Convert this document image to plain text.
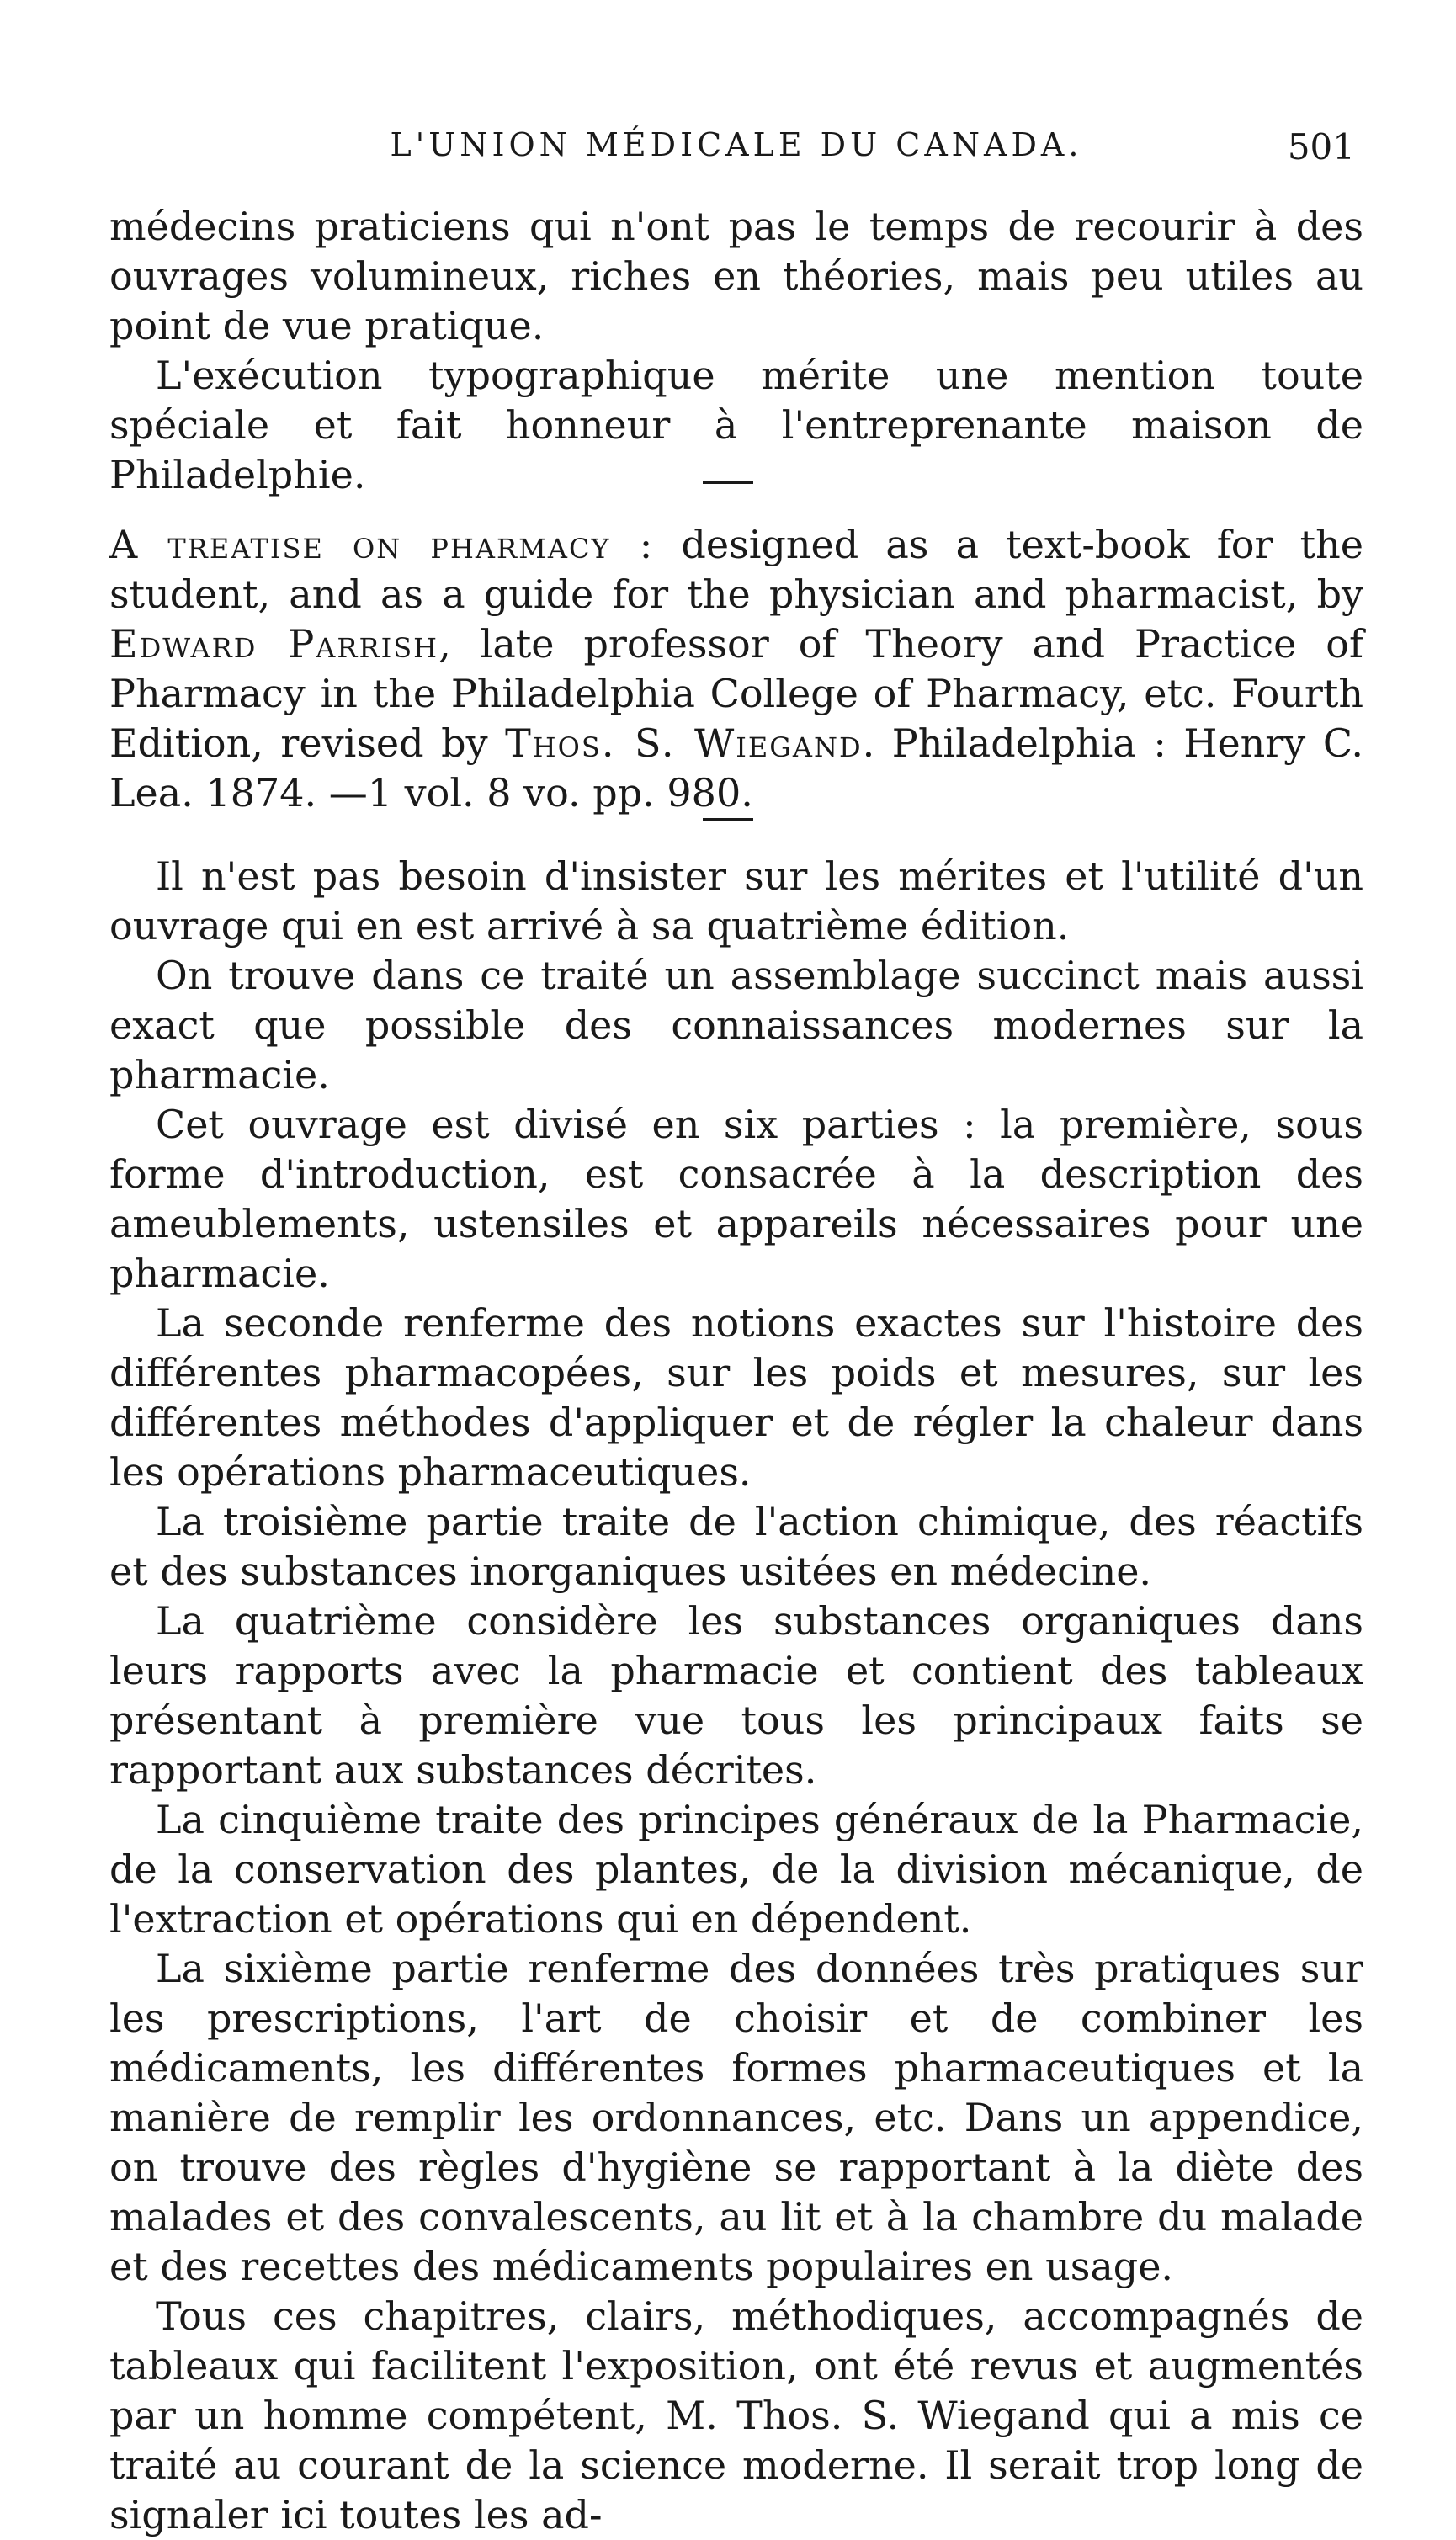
L'UNION MÉDICALE DU CANADA.	501

médecins praticiens qui n'ont pas le temps de recourir à des ouvrages volumineux, riches en théories, mais peu utiles au point de vue pratique.

L'exécution typographique mérite une mention toute spéciale et fait honneur à l'entreprenante maison de Philadelphie.

A treatise on pharmacy : designed as a text-book for the student, and as a guide for the physician and pharmacist, by Edward Parrish, late professor of Theory and Practice of Pharmacy in the Philadelphia College of Pharmacy, etc. Fourth Edition, revised by Thos. S. Wiegand. Philadelphia : Henry C. Lea. 1874. —1 vol. 8 vo. pp. 980.

Il n'est pas besoin d'insister sur les mérites et l'utilité d'un ouvrage qui en est arrivé à sa quatrième édition.

On trouve dans ce traité un assemblage succinct mais aussi exact que possible des connaissances modernes sur la pharmacie.

Cet ouvrage est divisé en six parties : la première, sous forme d'introduction, est consacrée à la description des ameublements, ustensiles et appareils nécessaires pour une pharmacie.

La seconde renferme des notions exactes sur l'histoire des différentes pharmacopées, sur les poids et mesures, sur les différentes méthodes d'appliquer et de régler la chaleur dans les opérations pharmaceutiques.

La troisième partie traite de l'action chimique, des réactifs et des substances inorganiques usitées en médecine.

La quatrième considère les substances organiques dans leurs rapports avec la pharmacie et contient des tableaux présentant à première vue tous les principaux faits se rapportant aux substances décrites.

La cinquième traite des principes généraux de la Pharmacie, de la conservation des plantes, de la division mécanique, de l'extraction et opérations qui en dépendent.

La sixième partie renferme des données très pratiques sur les prescriptions, l'art de choisir et de combiner les médicaments, les différentes formes pharmaceutiques et la manière de remplir les ordonnances, etc. Dans un appendice, on trouve des règles d'hygiène se rapportant à la diète des malades et des convalescents, au lit et à la chambre du malade et des recettes des médicaments populaires en usage.

Tous ces chapitres, clairs, méthodiques, accompagnés de tableaux qui facilitent l'exposition, ont été revus et augmentés par un homme compétent, M. Thos. S. Wiegand qui a mis ce traité au courant de la science moderne. Il serait trop long de signaler ici toutes les ad-
